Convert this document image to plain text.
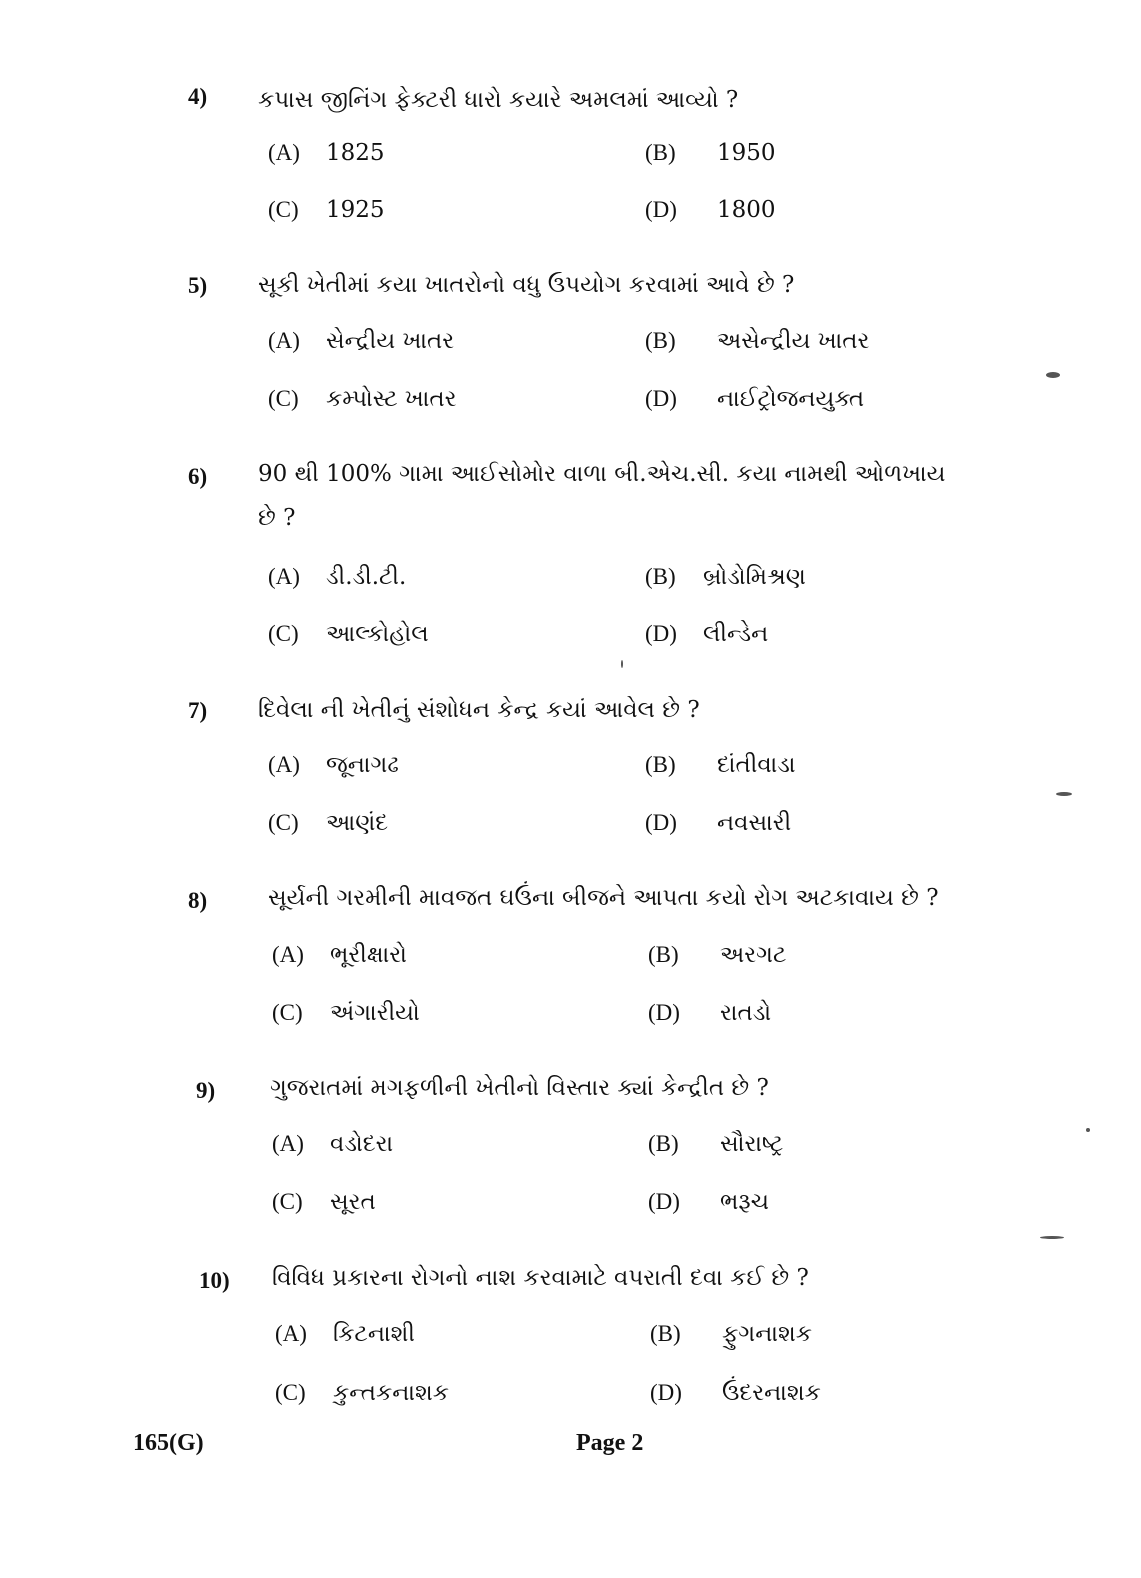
4) કપાસ જીનિંગ ફેક્ટરી ધારો કયારે અમલમાં આવ્યો ?
(A) 1825	(B) 1950
(C) 1925	(D) 1800
5) સૂકી ખેતીમાં કયા ખાતરોનો વધુ ઉપયોગ કરવામાં આવે છે ?
(A) સેન્દ્રીય ખાતર	(B) અસેન્દ્રીય ખાતર
(C) કમ્પોસ્ટ ખાતર	(D) નાઈટ્રોજનયુક્ત
6) 90 થી 100% ગામા આઈસોમોર વાળા બી.એચ.સી. કયા નામથી ઓળખાય છે ?
(A) ડી.ડી.ટી.	(B) બ્રોડોમિશ્રણ
(C) આલ્કોહોલ	(D) લીન્ડેન
7) દિવેલા ની ખેતીનું સંશોધન કેન્દ્ર કયાં આવેલ છે ?
(A) જૂનાગઢ	(B) દાંતીવાડા
(C) આણંદ	(D) નવસારી
8)	સૂર્યની ગરમીની માવજત ઘઉંના બીજને આપતા કયો રોગ અટકાવાય છે ?
(A) ભૂરીક્ષારો	(B) અરગટ
(C) અંગારીયો	(D) રાતડો
9) ગુજરાતમાં મગફળીની ખેતીનો વિસ્તાર ક્યાં કેન્દ્રીત છે ?
(A) વડોદરા	(B) સૌરાષ્ટ્ર
(C) સૂરત	(D) ભરૂચ
10) વિવિધ પ્રકારના રોગનો નાશ કરવામાટે વપરાતી દવા કઈ છે ?
(A) કિટનાશી	(B) ફુગનાશક
(C) કુન્તકનાશક	(D) ઉંદરનાશક
165(G)	Page 2
